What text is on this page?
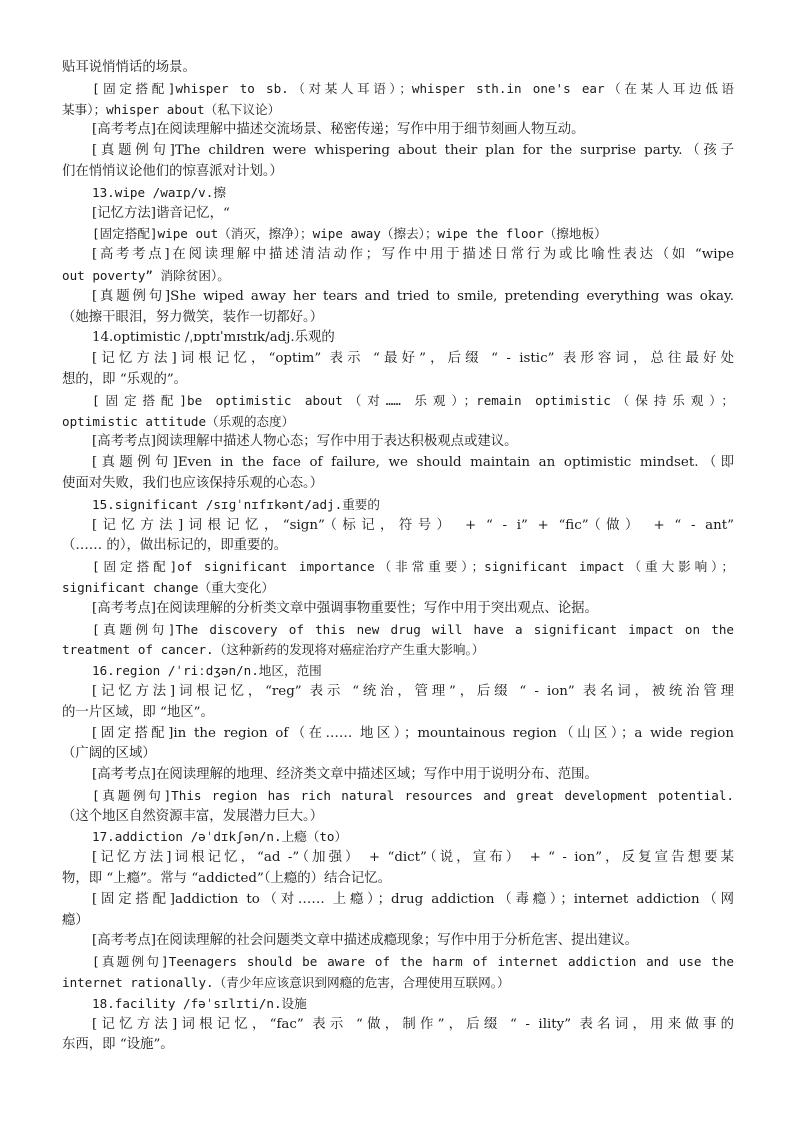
贴耳说悄悄话的场景。
[固定搭配]whisper to sb.（对某人耳语）；whisper sth.in one's ear（在某人耳边低语
某事）；whisper about（私下议论）
[高考考点]在阅读理解中描述交流场景、秘密传递；写作中用于细节刻画人物互动。
[真题例句]The children were whispering about their plan for the surprise party.（孩子
们在悄悄议论他们的惊喜派对计划。）
13.wipe /waɪp/v.擦
[记忆方法]谐音记忆，“
[固定搭配]wipe out（消灭，擦净）；wipe away（擦去）；wipe the floor（擦地板）
[高考考点]在阅读理解中描述清洁动作；写作中用于描述日常行为或比喻性表达（如 “wipe
out poverty” 消除贫困）。
[真题例句]She wiped away her tears and tried to smile, pretending everything was okay.
（她擦干眼泪，努力微笑，装作一切都好。）
14.optimistic /ˌɒptɪˈmɪstɪk/adj.乐观的
[记忆方法]词根记忆，“optim” 表示 “最好”，后缀 “ - istic” 表形容词，总往最好处
想的，即 “乐观的”。
[固定搭配]be optimistic about（对…… 乐观）；remain optimistic（保持乐观）；
optimistic attitude（乐观的态度）
[高考考点]阅读理解中描述人物心态；写作中用于表达积极观点或建议。
[真题例句]Even in the face of failure, we should maintain an optimistic mindset.（即
使面对失败，我们也应该保持乐观的心态。）
15.significant /sɪɡˈnɪfɪkənt/adj.重要的
[记忆方法]词根记忆，“sign”（标记，符号） + “ - i” + “fic”（做） + “ - ant”
（…… 的），做出标记的，即重要的。
[固定搭配]of significant importance（非常重要）；significant impact（重大影响）；
significant change（重大变化）
[高考考点]在阅读理解的分析类文章中强调事物重要性；写作中用于突出观点、论据。
[真题例句]The discovery of this new drug will have a significant impact on the
treatment of cancer.（这种新药的发现将对癌症治疗产生重大影响。）
16.region /ˈriːdʒən/n.地区，范围
[记忆方法]词根记忆，“reg” 表示 “统治，管理”，后缀 “ - ion” 表名词，被统治管理
的一片区域，即 “地区”。
[固定搭配]in the region of（在…… 地区）；mountainous region（山区）；a wide region
（广阔的区域）
[高考考点]在阅读理解的地理、经济类文章中描述区域；写作中用于说明分布、范围。
[真题例句]This region has rich natural resources and great development potential.
（这个地区自然资源丰富，发展潜力巨大。）
17.addiction /əˈdɪkʃən/n.上瘾（to）
[记忆方法]词根记忆，“ad -”（加强） + “dict”（说，宣布） + “ - ion”，反复宣告想要某
物，即 “上瘾”。常与 “addicted”（上瘾的）结合记忆。
[固定搭配]addiction to（对…… 上瘾）；drug addiction（毒瘾）；internet addiction（网
瘾）
[高考考点]在阅读理解的社会问题类文章中描述成瘾现象；写作中用于分析危害、提出建议。
[真题例句]Teenagers should be aware of the harm of internet addiction and use the
internet rationally.（青少年应该意识到网瘾的危害，合理使用互联网。）
18.facility /fəˈsɪlɪti/n.设施
[记忆方法]词根记忆，“fac” 表示 “做，制作”，后缀 “ - ility” 表名词，用来做事的
东西，即 “设施”。
